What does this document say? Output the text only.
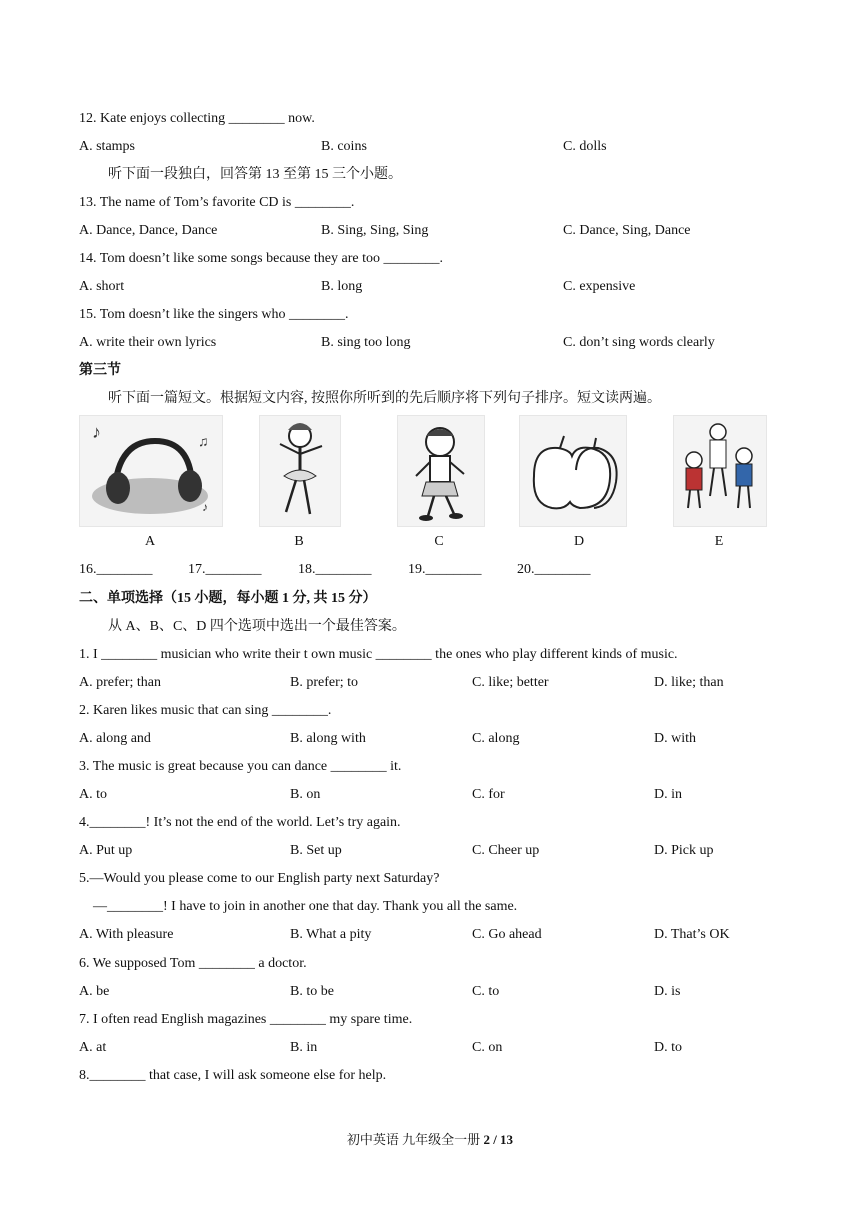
12. Kate enjoys collecting ________ now.
A. stamps	B. coins	C. dolls
听下面一段独白，回答第 13 至第 15 三个小题。
13. The name of Tom’s favorite CD is ________.
A. Dance, Dance, Dance	B. Sing, Sing, Sing	C. Dance, Sing, Dance
14. Tom doesn’t like some songs because they are too ________.
A. short	B. long	C. expensive
15. Tom doesn’t like the singers who ________.
A. write their own lyrics	B. sing too long	C. don’t sing words clearly
第三节
听下面一篇短文。根据短文内容, 按照你所听到的先后顺序将下列句子排序。短文读两遍。
♪
♫
♪
A	B	C	D	E
16.________	17.________	18.________	19.________	20.________
二、单项选择（15 小题，每小题 1 分, 共 15 分）
从 A、B、C、D 四个选项中选出一个最佳答案。
1. I ________ musician who write their t own music ________ the ones who play different kinds of music.
A. prefer; than	B. prefer; to	C. like; better	D. like; than
2. Karen likes music that can sing ________.
A. along and	B. along with	C. along	D. with
3. The music is great because you can dance ________ it.
A. to	B. on	C. for	D. in
4.________! It’s not the end of the world. Let’s try again.
A. Put up	B. Set up	C. Cheer up	D. Pick up
5.—Would you please come to our English party next Saturday?
—________! I have to join in another one that day. Thank you all the same.
A. With pleasure	B. What a pity	C. Go ahead	D. That’s OK
6. We supposed Tom ________ a doctor.
A. be	B. to be	C. to	D. is
7. I often read English magazines ________ my spare time.
A. at	B. in	C. on	D. to
8.________ that case, I will ask someone else for help.
初中英语 九年级全一册 2 / 13
